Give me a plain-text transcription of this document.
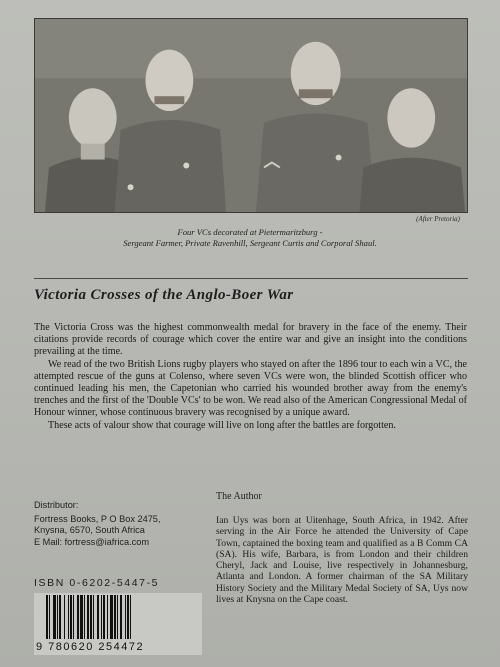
(After Pretoria)
Four VCs decorated at Pietermaritzburg -
Sergeant Farmer, Private Ravenhill, Sergeant Curtis and Corporal Shaul.
Victoria Crosses of the Anglo-Boer War

The Victoria Cross was the highest commonwealth medal for bravery in the face of the enemy. Their citations provide records of courage which cover the entire war and give an insight into the conditions prevailing at the time.

We read of the two British Lions rugby players who stayed on after the 1896 tour to each win a VC, the attempted rescue of the guns at Colenso, where seven VCs were won, the blinded Scottish officer who continued leading his men, the Capetonian who carried his wounded brother away from the enemy's trenches and the first of the 'Double VCs' to be won. We read also of the American Congressional Medal of Honour winner, whose continuous bravery was recognised by a unique award.

These acts of valour show that courage will live on long after the battles are forgotten.

The Author
Distributor:
Fortress Books, P O Box 2475,
Knysna, 6570, South Africa
E Mail: fortress@iafrica.com
Ian Uys was born at Uitenhage, South Africa, in 1942. After serving in the Air Force he attended the University of Cape Town, captained the boxing team and qualified as a B Comm CA (SA). His wife, Barbara, is from London and their children Cheryl, Jack and Louise, live respectively in Johannesburg, Atlanta and London. A former chairman of the SA Military History Society and the Military Medal Society of SA, Uys now lives at Knysna on the Cape coast.
ISBN 0-6202-5447-5
9 780620 254472
